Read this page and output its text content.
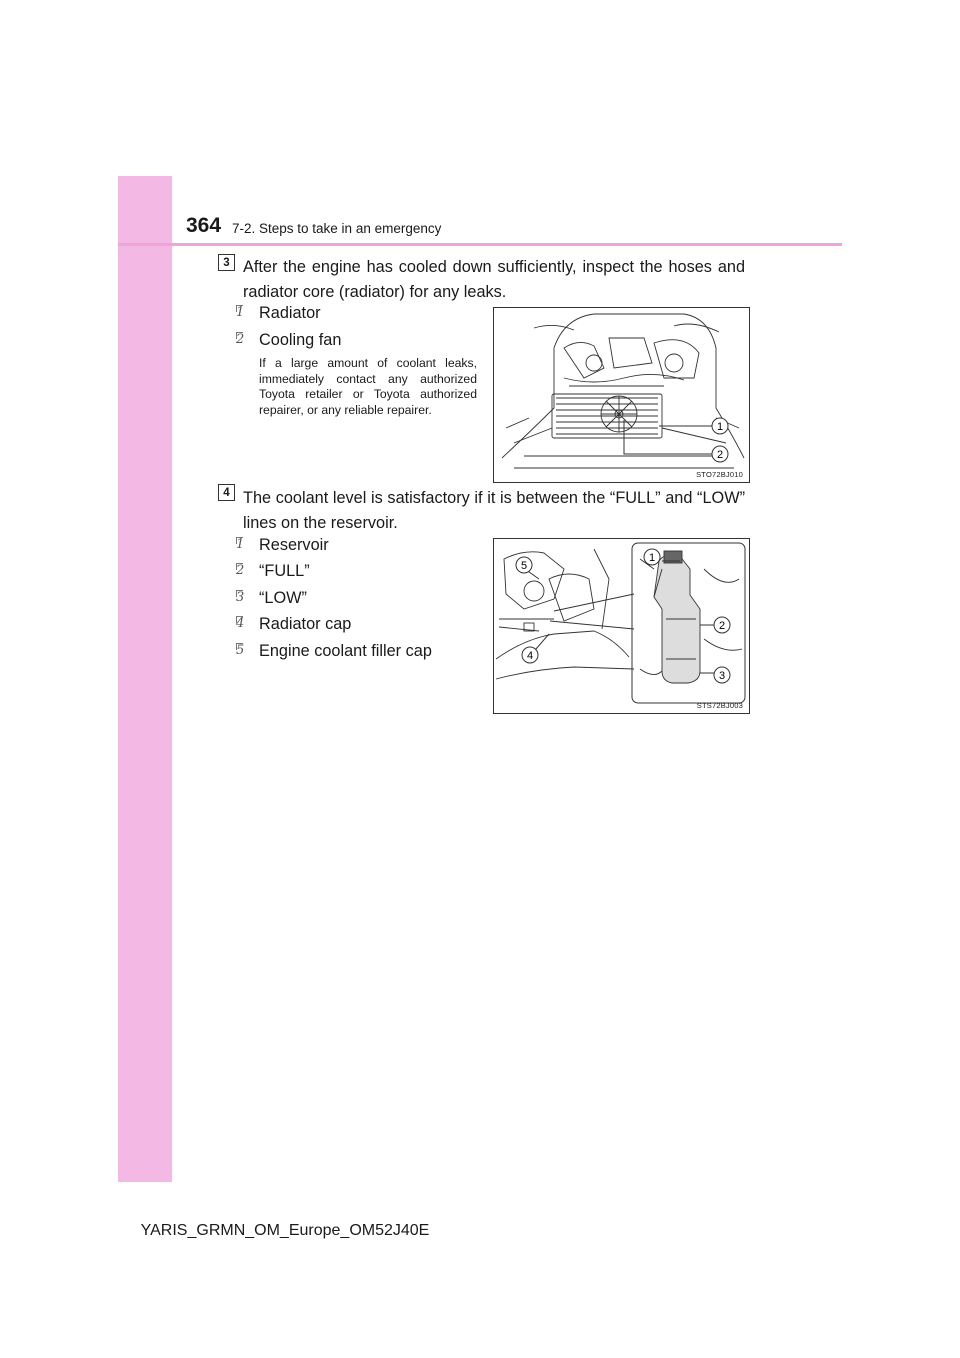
364 7-2. Steps to take in an emergency
3 After the engine has cooled down sufficiently, inspect the hoses and radiator core (radiator) for any leaks.
1 Radiator
2 Cooling fan
If a large amount of coolant leaks, immediately contact any authorized Toyota retailer or Toyota authorized repairer, or any reliable repairer.
1
2
STO72BJ010
4 The coolant level is satisfactory if it is between the “FULL” and “LOW” lines on the reservoir.
1 Reservoir
2 “FULL”
3 “LOW”
4 Radiator cap
5 Engine coolant filler cap
1
2
3
4
5
STS72BJ003
YARIS_GRMN_OM_Europe_OM52J40E
